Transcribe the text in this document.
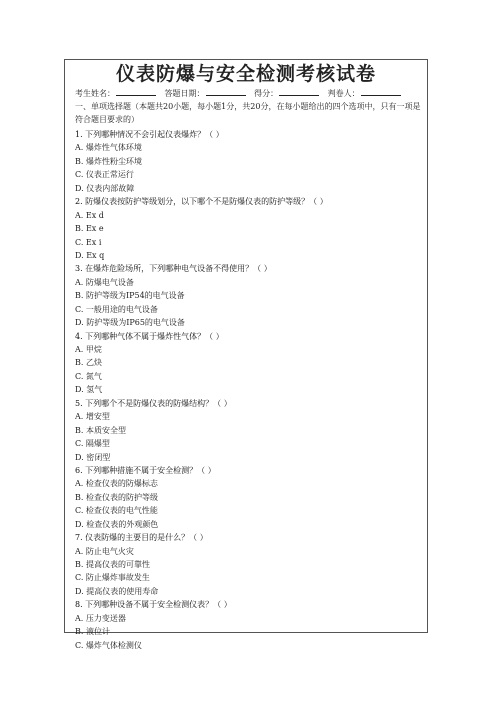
仪表防爆与安全检测考核试卷
考生姓名：	答题日期：	得分：	判卷人：
一、单项选择题（本题共20小题，每小题1分，共20分，在每小题给出的四个选项中，只有一项是符合题目要求的）
1. 下列哪种情况不会引起仪表爆炸？（ ）
A. 爆炸性气体环境
B. 爆炸性粉尘环境
C. 仪表正常运行
D. 仪表内部故障
2. 防爆仪表按防护等级划分，以下哪个不是防爆仪表的防护等级？（ ）
A. Ex d
B. Ex e
C. Ex i
D. Ex q
3. 在爆炸危险场所，下列哪种电气设备不得使用？（ ）
A. 防爆电气设备
B. 防护等级为IP54的电气设备
C. 一般用途的电气设备
D. 防护等级为IP65的电气设备
4. 下列哪种气体不属于爆炸性气体？（ ）
A. 甲烷
B. 乙炔
C. 氮气
D. 氢气
5. 下列哪个不是防爆仪表的防爆结构？（ ）
A. 增安型
B. 本质安全型
C. 隔爆型
D. 密闭型
6. 下列哪种措施不属于安全检测？（ ）
A. 检查仪表的防爆标志
B. 检查仪表的防护等级
C. 检查仪表的电气性能
D. 检查仪表的外观颜色
7. 仪表防爆的主要目的是什么？（ ）
A. 防止电气火灾
B. 提高仪表的可靠性
C. 防止爆炸事故发生
D. 提高仪表的使用寿命
8. 下列哪种设备不属于安全检测仪表？（ ）
A. 压力变送器
B. 液位计
C. 爆炸气体检测仪
